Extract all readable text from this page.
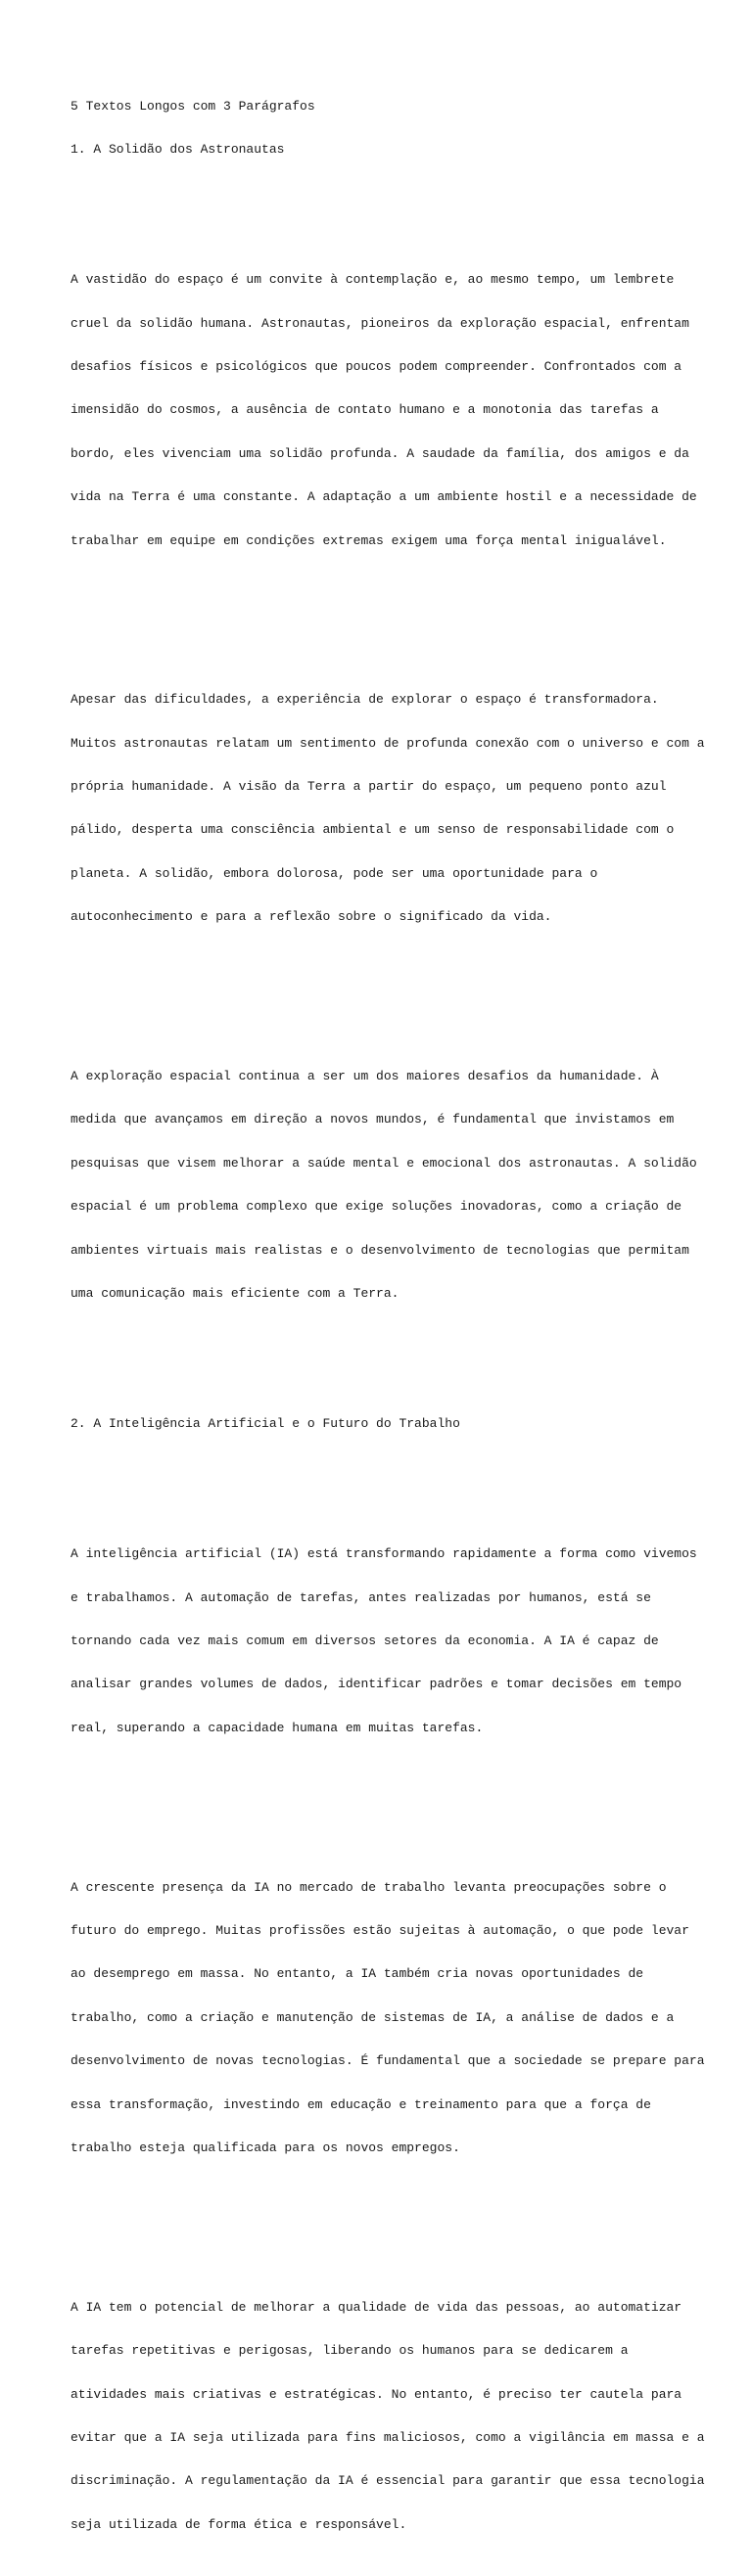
5 Textos Longos com 3 Parágrafos

1. A Solidão dos Astronautas

A vastidão do espaço é um convite à contemplação e, ao mesmo tempo, um lembrete

cruel da solidão humana. Astronautas, pioneiros da exploração espacial, enfrentam

desafios físicos e psicológicos que poucos podem compreender. Confrontados com a

imensidão do cosmos, a ausência de contato humano e a monotonia das tarefas a

bordo, eles vivenciam uma solidão profunda. A saudade da família, dos amigos e da

vida na Terra é uma constante. A adaptação a um ambiente hostil e a necessidade de

trabalhar em equipe em condições extremas exigem uma força mental inigualável.

Apesar das dificuldades, a experiência de explorar o espaço é transformadora.

Muitos astronautas relatam um sentimento de profunda conexão com o universo e com a

própria humanidade. A visão da Terra a partir do espaço, um pequeno ponto azul

pálido, desperta uma consciência ambiental e um senso de responsabilidade com o

planeta. A solidão, embora dolorosa, pode ser uma oportunidade para o

autoconhecimento e para a reflexão sobre o significado da vida.

A exploração espacial continua a ser um dos maiores desafios da humanidade. À

medida que avançamos em direção a novos mundos, é fundamental que invistamos em

pesquisas que visem melhorar a saúde mental e emocional dos astronautas. A solidão

espacial é um problema complexo que exige soluções inovadoras, como a criação de

ambientes virtuais mais realistas e o desenvolvimento de tecnologias que permitam

uma comunicação mais eficiente com a Terra.

2. A Inteligência Artificial e o Futuro do Trabalho

A inteligência artificial (IA) está transformando rapidamente a forma como vivemos

e trabalhamos. A automação de tarefas, antes realizadas por humanos, está se

tornando cada vez mais comum em diversos setores da economia. A IA é capaz de

analisar grandes volumes de dados, identificar padrões e tomar decisões em tempo

real, superando a capacidade humana em muitas tarefas.

A crescente presença da IA no mercado de trabalho levanta preocupações sobre o

futuro do emprego. Muitas profissões estão sujeitas à automação, o que pode levar

ao desemprego em massa. No entanto, a IA também cria novas oportunidades de

trabalho, como a criação e manutenção de sistemas de IA, a análise de dados e a

desenvolvimento de novas tecnologias. É fundamental que a sociedade se prepare para

essa transformação, investindo em educação e treinamento para que a força de

trabalho esteja qualificada para os novos empregos.

A IA tem o potencial de melhorar a qualidade de vida das pessoas, ao automatizar

tarefas repetitivas e perigosas, liberando os humanos para se dedicarem a

atividades mais criativas e estratégicas. No entanto, é preciso ter cautela para

evitar que a IA seja utilizada para fins maliciosos, como a vigilância em massa e a

discriminação. A regulamentação da IA é essencial para garantir que essa tecnologia

seja utilizada de forma ética e responsável.
